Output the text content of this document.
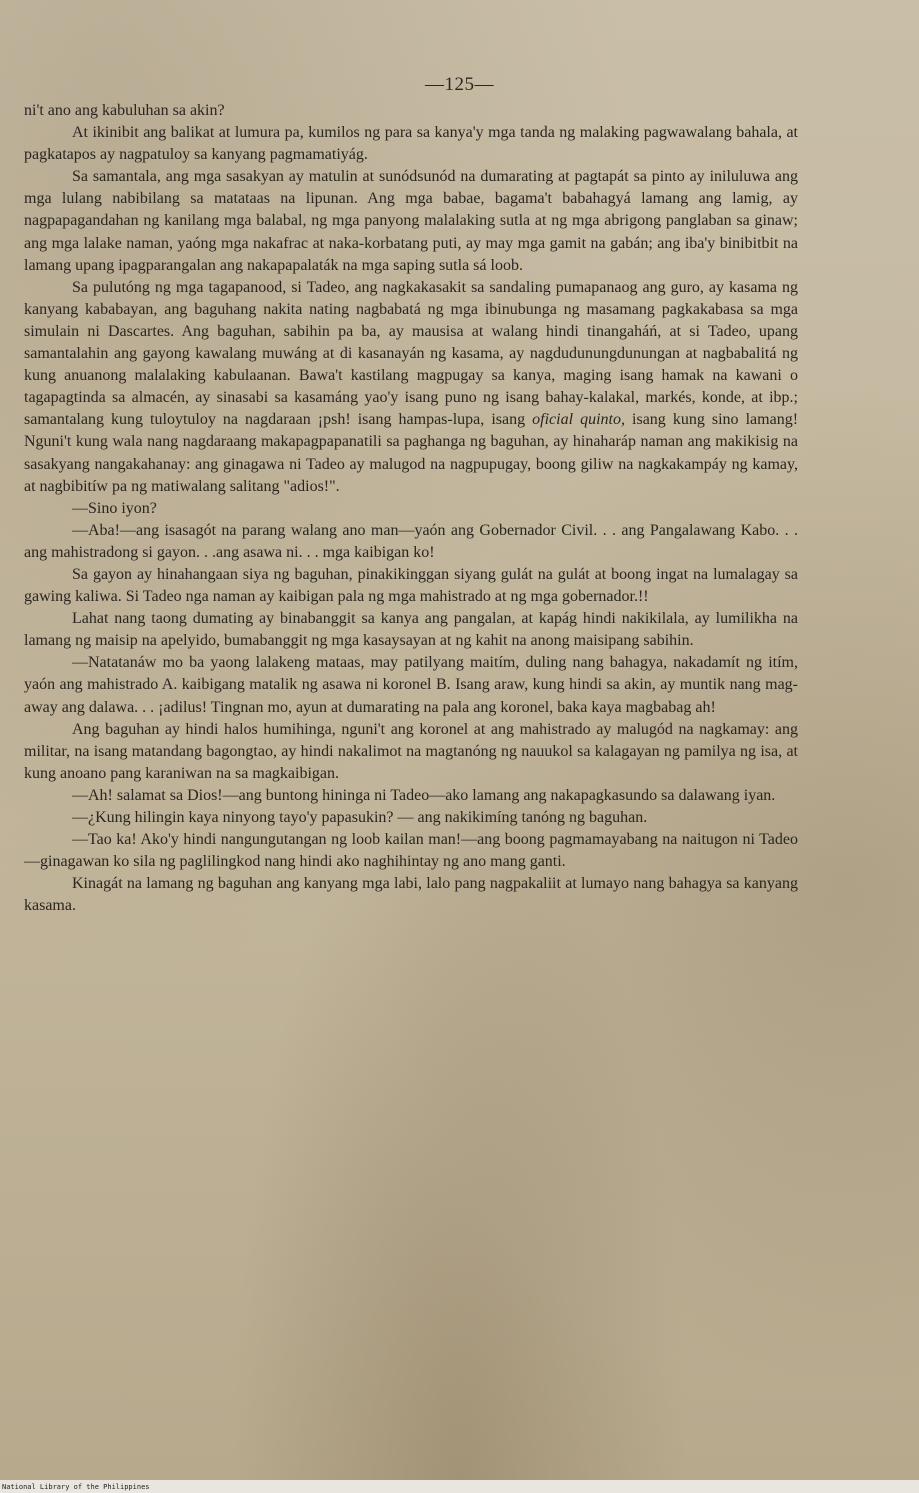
—125—

ni't ano ang kabuluhan sa akin?

At ikinibit ang balikat at lumura pa, kumilos ng para sa kanya'y mga tanda ng malaking pagwawalang bahala, at pagkatapos ay nagpatuloy sa kanyang pagmamatiyág.

Sa samantala, ang mga sasakyan ay matulin at sunódsunód na dumarating at pagtapát sa pinto ay iniluluwa ang mga lulang nabibilang sa matataas na lipunan. Ang mga babae, bagama't babahagyá lamang ang lamig, ay nagpapagandahan ng kanilang mga balabal, ng mga panyong malalaking sutla at ng mga abrigong panglaban sa ginaw; ang mga lalake naman, yaóng mga nakafrac at naka-korbatang puti, ay may mga gamit na gabán; ang iba'y binibitbit na lamang upang ipagparangalan ang nakapapalaták na mga saping sutla sá loob.

Sa pulutóng ng mga tagapanood, si Tadeo, ang nagkakasakit sa sandaling pumapanaog ang guro, ay kasama ng kanyang kababayan, ang baguhang nakita nating nagbabatá ng mga ibinubunga ng masamang pagkakabasa sa mga simulain ni Dascartes. Ang baguhan, sabihin pa ba, ay mausisa at walang hindi tinangaháń, at si Tadeo, upang samantalahin ang gayong kawalang muwáng at di kasanayán ng kasama, ay nagdudunungdunungan at nagbabalitá ng kung anuanong malalaking kabulaanan. Bawa't kastilang magpugay sa kanya, maging isang hamak na kawani o tagapagtinda sa almacén, ay sinasabi sa kasamáng yao'y isang puno ng isang bahay-kalakal, markés, konde, at ibp.; samantalang kung tuloytuloy na nagdaraan ¡psh! isang hampas-lupa, isang oficial quinto, isang kung sino lamang! Nguni't kung wala nang nagdaraang makapagpapanatili sa paghanga ng baguhan, ay hinaharáp naman ang makikisig na sasakyang nangakahanay: ang ginagawa ni Tadeo ay malugod na nagpupugay, boong giliw na nagkakampáy ng kamay, at nagbibitíw pa ng matiwalang salitang "adios!".

—Sino iyon?

—Aba!—ang isasagót na parang walang ano man—yaón ang Gobernador Civil. . . ang Pangalawang Kabo. . . ang mahistradong si gayon. . .ang asawa ni. . . mga kaibigan ko!

Sa gayon ay hinahangaan siya ng baguhan, pinakikinggan siyang gulát na gulát at boong ingat na lumalagay sa gawing kaliwa. Si Tadeo nga naman ay kaibigan pala ng mga mahistrado at ng mga gobernador.!!

Lahat nang taong dumating ay binabanggit sa kanya ang pangalan, at kapág hindi nakikilala, ay lumilikha na lamang ng maisip na apelyido, bumabanggit ng mga kasaysayan at ng kahit na anong maisipang sabihin.

—Natatanáw mo ba yaong lalakeng mataas, may patilyang maitím, duling nang bahagya, nakadamít ng itím, yaón ang mahistrado A. kaibigang matalik ng asawa ni koronel B. Isang araw, kung hindi sa akin, ay muntik nang mag-away ang dalawa. . . ¡adilus! Tingnan mo, ayun at dumarating na pala ang koronel, baka kaya magbabag ah!

Ang baguhan ay hindi halos humihinga, nguni't ang koronel at ang mahistrado ay malugód na nagkamay: ang militar, na isang matandang bagongtao, ay hindi nakalimot na magtanóng ng nauukol sa kalagayan ng pamilya ng isa, at kung anoano pang karaniwan na sa magkaibigan.

—Ah! salamat sa Dios!—ang buntong hininga ni Tadeo—ako lamang ang nakapagkasundo sa dalawang iyan.

—¿Kung hilingin kaya ninyong tayo'y papasukin? — ang nakikimíng tanóng ng baguhan.

—Tao ka! Ako'y hindi nangungutangan ng loob kailan man!—ang boong pagmamayabang na naitugon ni Tadeo—ginagawan ko sila ng paglilingkod nang hindi ako naghihintay ng ano mang ganti.

Kinagát na lamang ng baguhan ang kanyang mga labi, lalo pang nagpakaliit at lumayo nang bahagya sa kanyang kasama.

National Library of the Philippines
